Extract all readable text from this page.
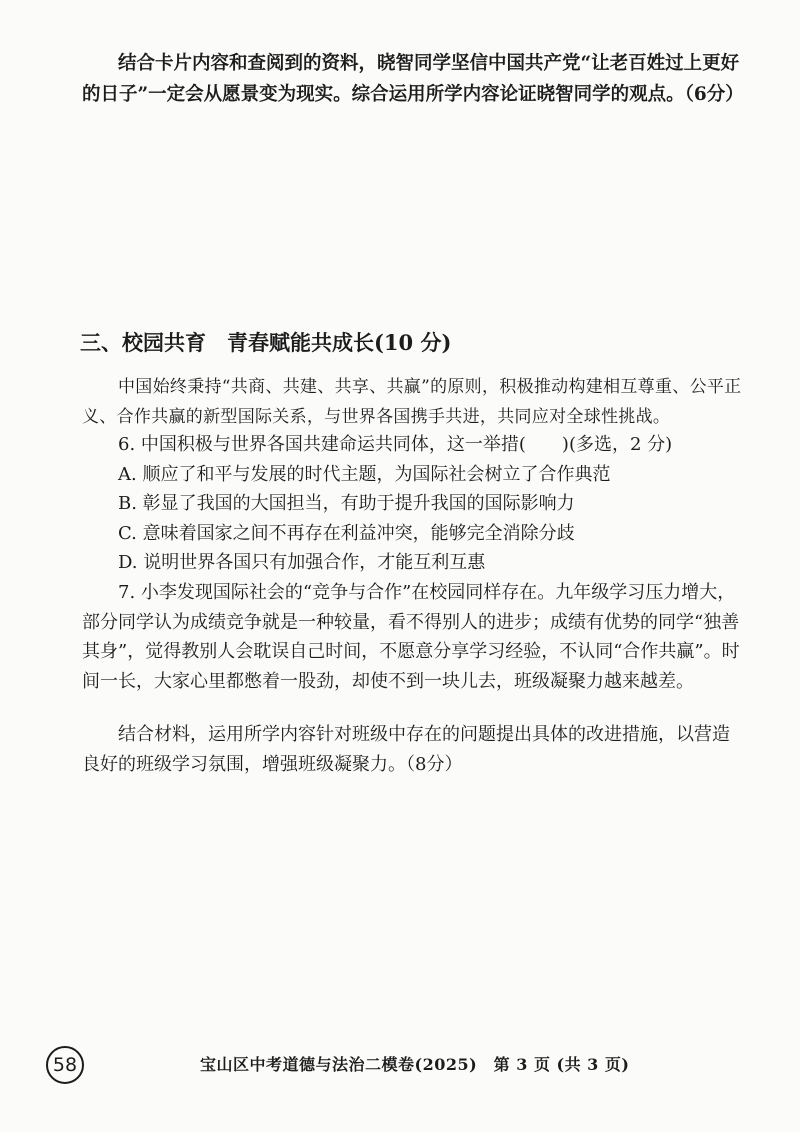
结合卡片内容和查阅到的资料，晓智同学坚信中国共产党“让老百姓过上更好的日子”一定会从愿景变为现实。综合运用所学内容论证晓智同学的观点。（6分）

三、校园共育　青春赋能共成长(10 分)

中国始终秉持“共商、共建、共享、共赢”的原则，积极推动构建相互尊重、公平正义、合作共赢的新型国际关系，与世界各国携手共进，共同应对全球性挑战。

6. 中国积极与世界各国共建命运共同体，这一举措(　　)(多选，2 分)
A. 顺应了和平与发展的时代主题，为国际社会树立了合作典范
B. 彰显了我国的大国担当，有助于提升我国的国际影响力
C. 意味着国家之间不再存在利益冲突，能够完全消除分歧
D. 说明世界各国只有加强合作，才能互利互惠

7. 小李发现国际社会的“竞争与合作”在校园同样存在。九年级学习压力增大，部分同学认为成绩竞争就是一种较量，看不得别人的进步；成绩有优势的同学“独善其身”，觉得教别人会耽误自己时间，不愿意分享学习经验，不认同“合作共赢”。时间一长，大家心里都憋着一股劲，却使不到一块儿去，班级凝聚力越来越差。

结合材料，运用所学内容针对班级中存在的问题提出具体的改进措施，以营造良好的班级学习氛围，增强班级凝聚力。（8分）

58	宝山区中考道德与法治二模卷(2025)　第 3 页 (共 3 页)
